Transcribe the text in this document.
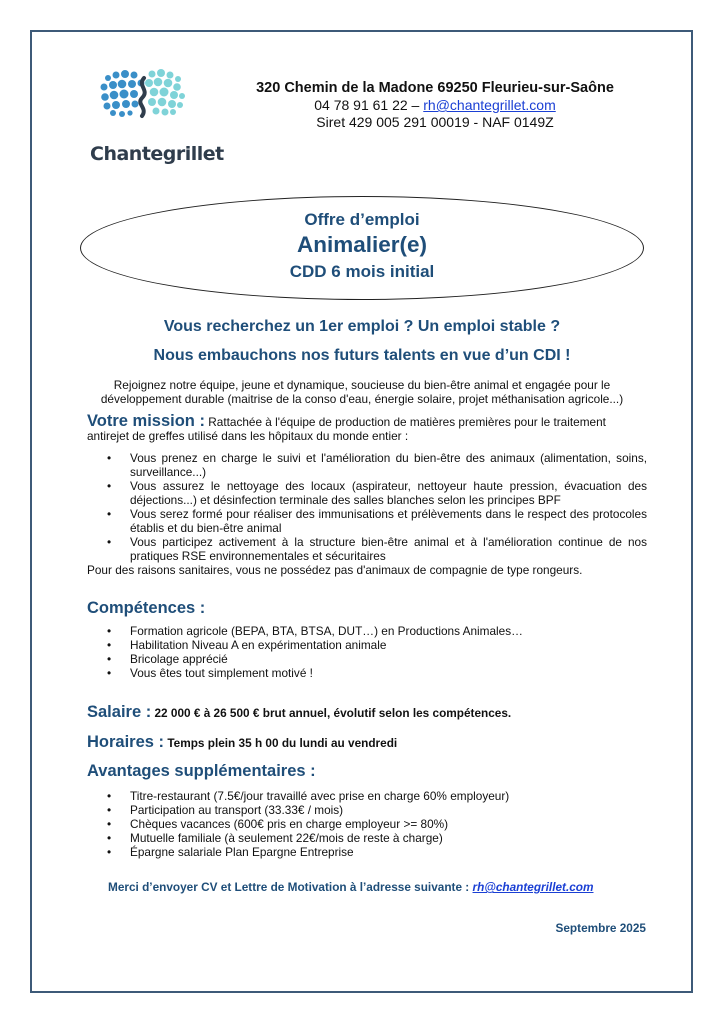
Chantegrillet
320 Chemin de la Madone 69250 Fleurieu-sur-Saône
04 78 91 61 22 – rh@chantegrillet.com
Siret 429 005 291 00019 - NAF 0149Z
Offre d’emploi
Animalier(e)
CDD 6 mois initial
Vous recherchez un 1er emploi ? Un emploi stable ?
Nous embauchons nos futurs talents en vue d’un CDI !
Rejoignez notre équipe, jeune et dynamique, soucieuse du bien-être animal et engagée pour le développement durable (maitrise de la conso d'eau, énergie solaire, projet méthanisation agricole...)
Votre mission : Rattachée à l'équipe de production de matières premières pour le traitement antirejet de greffes utilisé dans les hôpitaux du monde entier :
• Vous prenez en charge le suivi et l'amélioration du bien-être des animaux (alimentation, soins, surveillance...)
• Vous assurez le nettoyage des locaux (aspirateur, nettoyeur haute pression, évacuation des déjections...) et désinfection terminale des salles blanches selon les principes BPF
• Vous serez formé pour réaliser des immunisations et prélèvements dans le respect des protocoles établis et du bien-être animal
• Vous participez activement à la structure bien-être animal et à l'amélioration continue de nos pratiques RSE environnementales et sécuritaires
Pour des raisons sanitaires, vous ne possédez pas d'animaux de compagnie de type rongeurs.
Compétences :
• Formation agricole (BEPA, BTA, BTSA, DUT…) en Productions Animales…
• Habilitation Niveau A en expérimentation animale
• Bricolage apprécié
• Vous êtes tout simplement motivé !
Salaire : 22 000 € à 26 500 € brut annuel, évolutif selon les compétences.
Horaires : Temps plein 35 h 00 du lundi au vendredi
Avantages supplémentaires :
• Titre-restaurant (7.5€/jour travaillé avec prise en charge 60% employeur)
• Participation au transport (33.33€ / mois)
• Chèques vacances (600€ pris en charge employeur >= 80%)
• Mutuelle familiale (à seulement 22€/mois de reste à charge)
• Épargne salariale Plan Epargne Entreprise
Merci d’envoyer CV et Lettre de Motivation à l’adresse suivante : rh@chantegrillet.com
Septembre 2025
